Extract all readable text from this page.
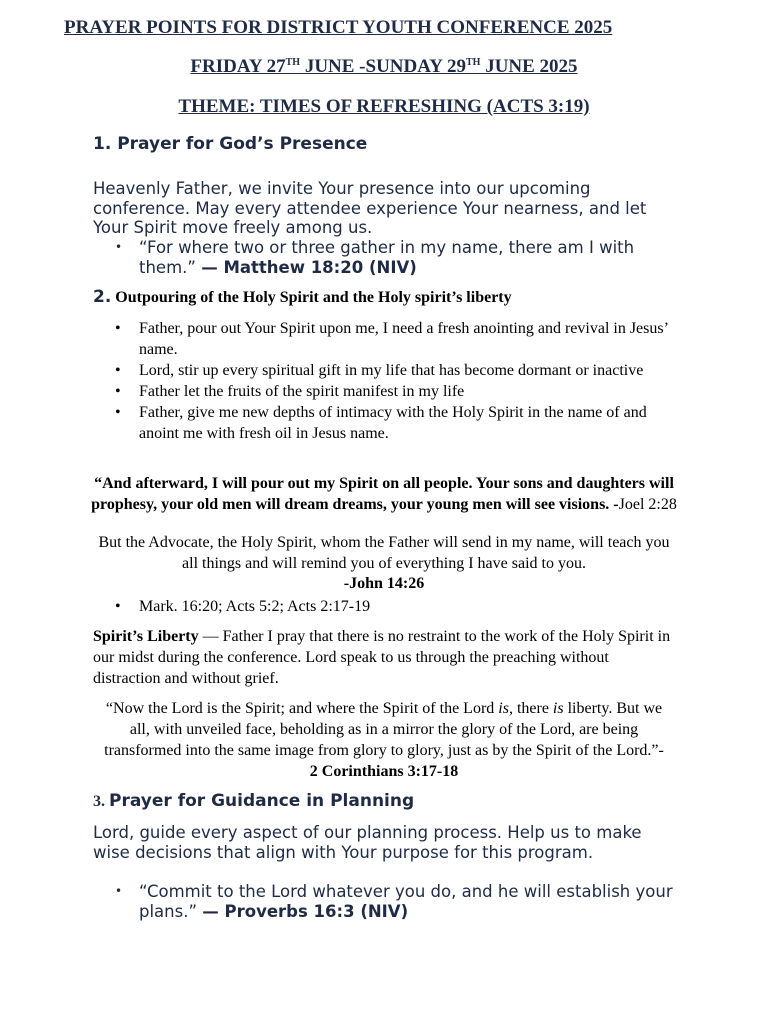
PRAYER POINTS FOR DISTRICT YOUTH CONFERENCE 2025
FRIDAY 27TH JUNE -SUNDAY 29TH JUNE 2025
THEME: TIMES OF REFRESHING (ACTS 3:19)
1. Prayer for God’s Presence
Heavenly Father, we invite Your presence into our upcoming conference. May every attendee experience Your nearness, and let Your Spirit move freely among us.
• “For where two or three gather in my name, there am I with them.” — Matthew 18:20 (NIV)
2. Outpouring of the Holy Spirit and the Holy spirit’s liberty
• Father, pour out Your Spirit upon me, I need a fresh anointing and revival in Jesus’ name.
• Lord, stir up every spiritual gift in my life that has become dormant or inactive
• Father let the fruits of the spirit manifest in my life
• Father, give me new depths of intimacy with the Holy Spirit in the name of and anoint me with fresh oil in Jesus name.
“And afterward, I will pour out my Spirit on all people. Your sons and daughters will prophesy, your old men will dream dreams, your young men will see visions. -Joel 2:28
But the Advocate, the Holy Spirit, whom the Father will send in my name, will teach you all things and will remind you of everything I have said to you.
-John 14:26
• Mark. 16:20; Acts 5:2; Acts 2:17-19
Spirit’s Liberty — Father I pray that there is no restraint to the work of the Holy Spirit in our midst during the conference. Lord speak to us through the preaching without distraction and without grief.
“Now the Lord is the Spirit; and where the Spirit of the Lord is, there is liberty. But we all, with unveiled face, beholding as in a mirror the glory of the Lord, are being transformed into the same image from glory to glory, just as by the Spirit of the Lord.”- 2 Corinthians 3:17-18
3. Prayer for Guidance in Planning
Lord, guide every aspect of our planning process. Help us to make wise decisions that align with Your purpose for this program.
• “Commit to the Lord whatever you do, and he will establish your plans.” — Proverbs 16:3 (NIV)
